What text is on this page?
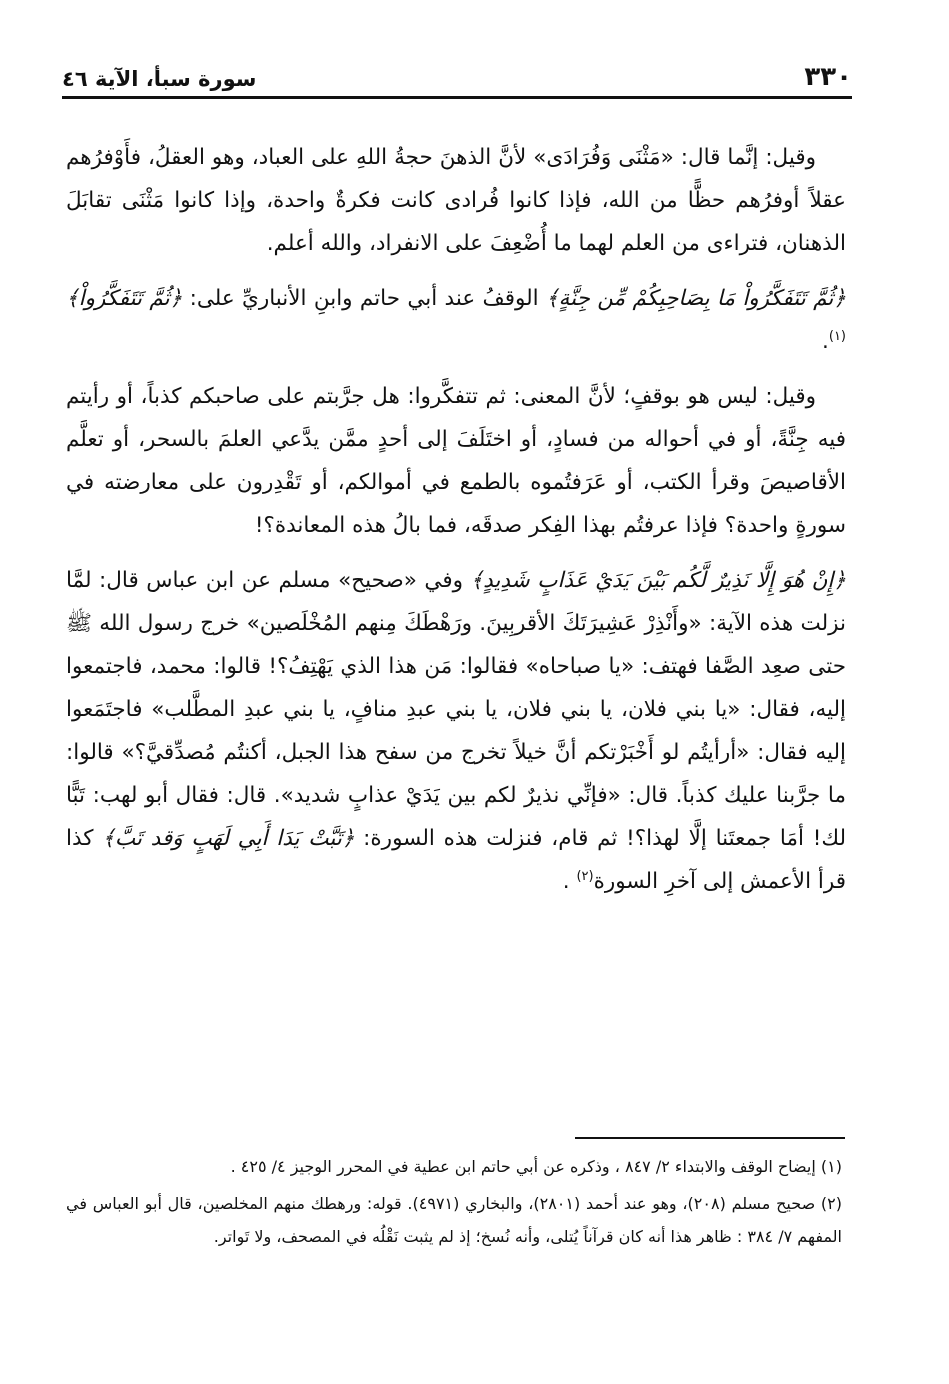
٣٣٠
سورة سبأ، الآية ٤٦

وقيل: إنَّما قال: «مَثْنَى وَفُرَادَى» لأنَّ الذهنَ حجةُ اللهِ على العباد، وهو العقلُ، فأَوْفرُهم عقلاً أوفرُهم حظًّا من الله، فإذا كانوا فُرادى كانت فكرةٌ واحدة، وإذا كانوا مَثْنَى تقابَلَ الذهنان، فتراءى من العلم لهما ما أُضْعِفَ على الانفراد، والله أعلم.

﴿ثُمَّ تَتَفَكَّرُواْ مَا بِصَاحِبِكُمْ مِّن جِنَّةٍ﴾ الوقفُ عند أبي حاتم وابنِ الأنباريِّ على: ﴿ثُمَّ تَتَفَكَّرُواْ﴾$^{(١)}$.

وقيل: ليس هو بوقفٍ؛ لأنَّ المعنى: ثم تتفكَّروا: هل جرَّبتم على صاحبكم كذباً، أو رأيتم فيه جِنَّةً، أو في أحواله من فسادٍ، أو اختَلَفَ إلى أحدٍ ممَّن يدَّعي العلمَ بالسحر، أو تعلَّم الأقاصيصَ وقرأ الكتب، أو عَرَفتُموه بالطمع في أموالكم، أو تَقْدِرون على معارضته في سورةٍ واحدة؟ فإذا عرفتُم بهذا الفِكر صدقَه، فما بالُ هذه المعاندة؟!

﴿إِنْ هُوَ إِلَّا نَذِيرٌ لَّكُم بَيْنَ يَدَيْ عَذَابٍ شَدِيدٍ﴾ وفي «صحيح» مسلم عن ابن عباس قال: لمَّا نزلت هذه الآية: «وأَنْذِرْ عَشِيرَتَكَ الأقربِينَ. ورَهْطَكَ مِنهم المُخْلَصين» خرج رسول الله ﷺ حتى صعِد الصَّفا فهتف: «يا صباحاه» فقالوا: مَن هذا الذي يَهْتِفُ؟! قالوا: محمد، فاجتمعوا إليه، فقال: «يا بني فلان، يا بني فلان، يا بني عبدِ منافٍ، يا بني عبدِ المطَّلب» فاجتَمَعوا إليه فقال: «أرأيتُم لو أَخْبَرْتكم أنَّ خيلاً تخرج من سفح هذا الجبل، أكنتُم مُصدِّقيَّ؟» قالوا: ما جرَّبنا عليك كذباً. قال: «فإنِّي نذيرٌ لكم بين يَدَيْ عذابٍ شديد». قال: فقال أبو لهب: تَبًّا لك! أمَا جمعتَنا إلَّا لهذا؟! ثم قام، فنزلت هذه السورة: ﴿تَبَّتْ يَدَا أَبِي لَهَبٍ وَقد تَبَّ﴾ كذا قرأ الأعمش إلى آخرِ السورة$^{(٢)}$ .

(١) إيضاح الوقف والابتداء ٢/ ٨٤٧ ، وذكره عن أبي حاتم ابن عطية في المحرر الوجيز ٤/ ٤٢٥ .

(٢) صحيح مسلم (٢٠٨)، وهو عند أحمد (٢٨٠١)، والبخاري (٤٩٧١). قوله: ورهطك منهم المخلصين، قال أبو العباس في المفهم ٧/ ٣٨٤ : ظاهر هذا أنه كان قرآناً يُتلى، وأنه نُسخ؛ إذ لم يثبت نَقْلُه في المصحف، ولا تَواتر.
